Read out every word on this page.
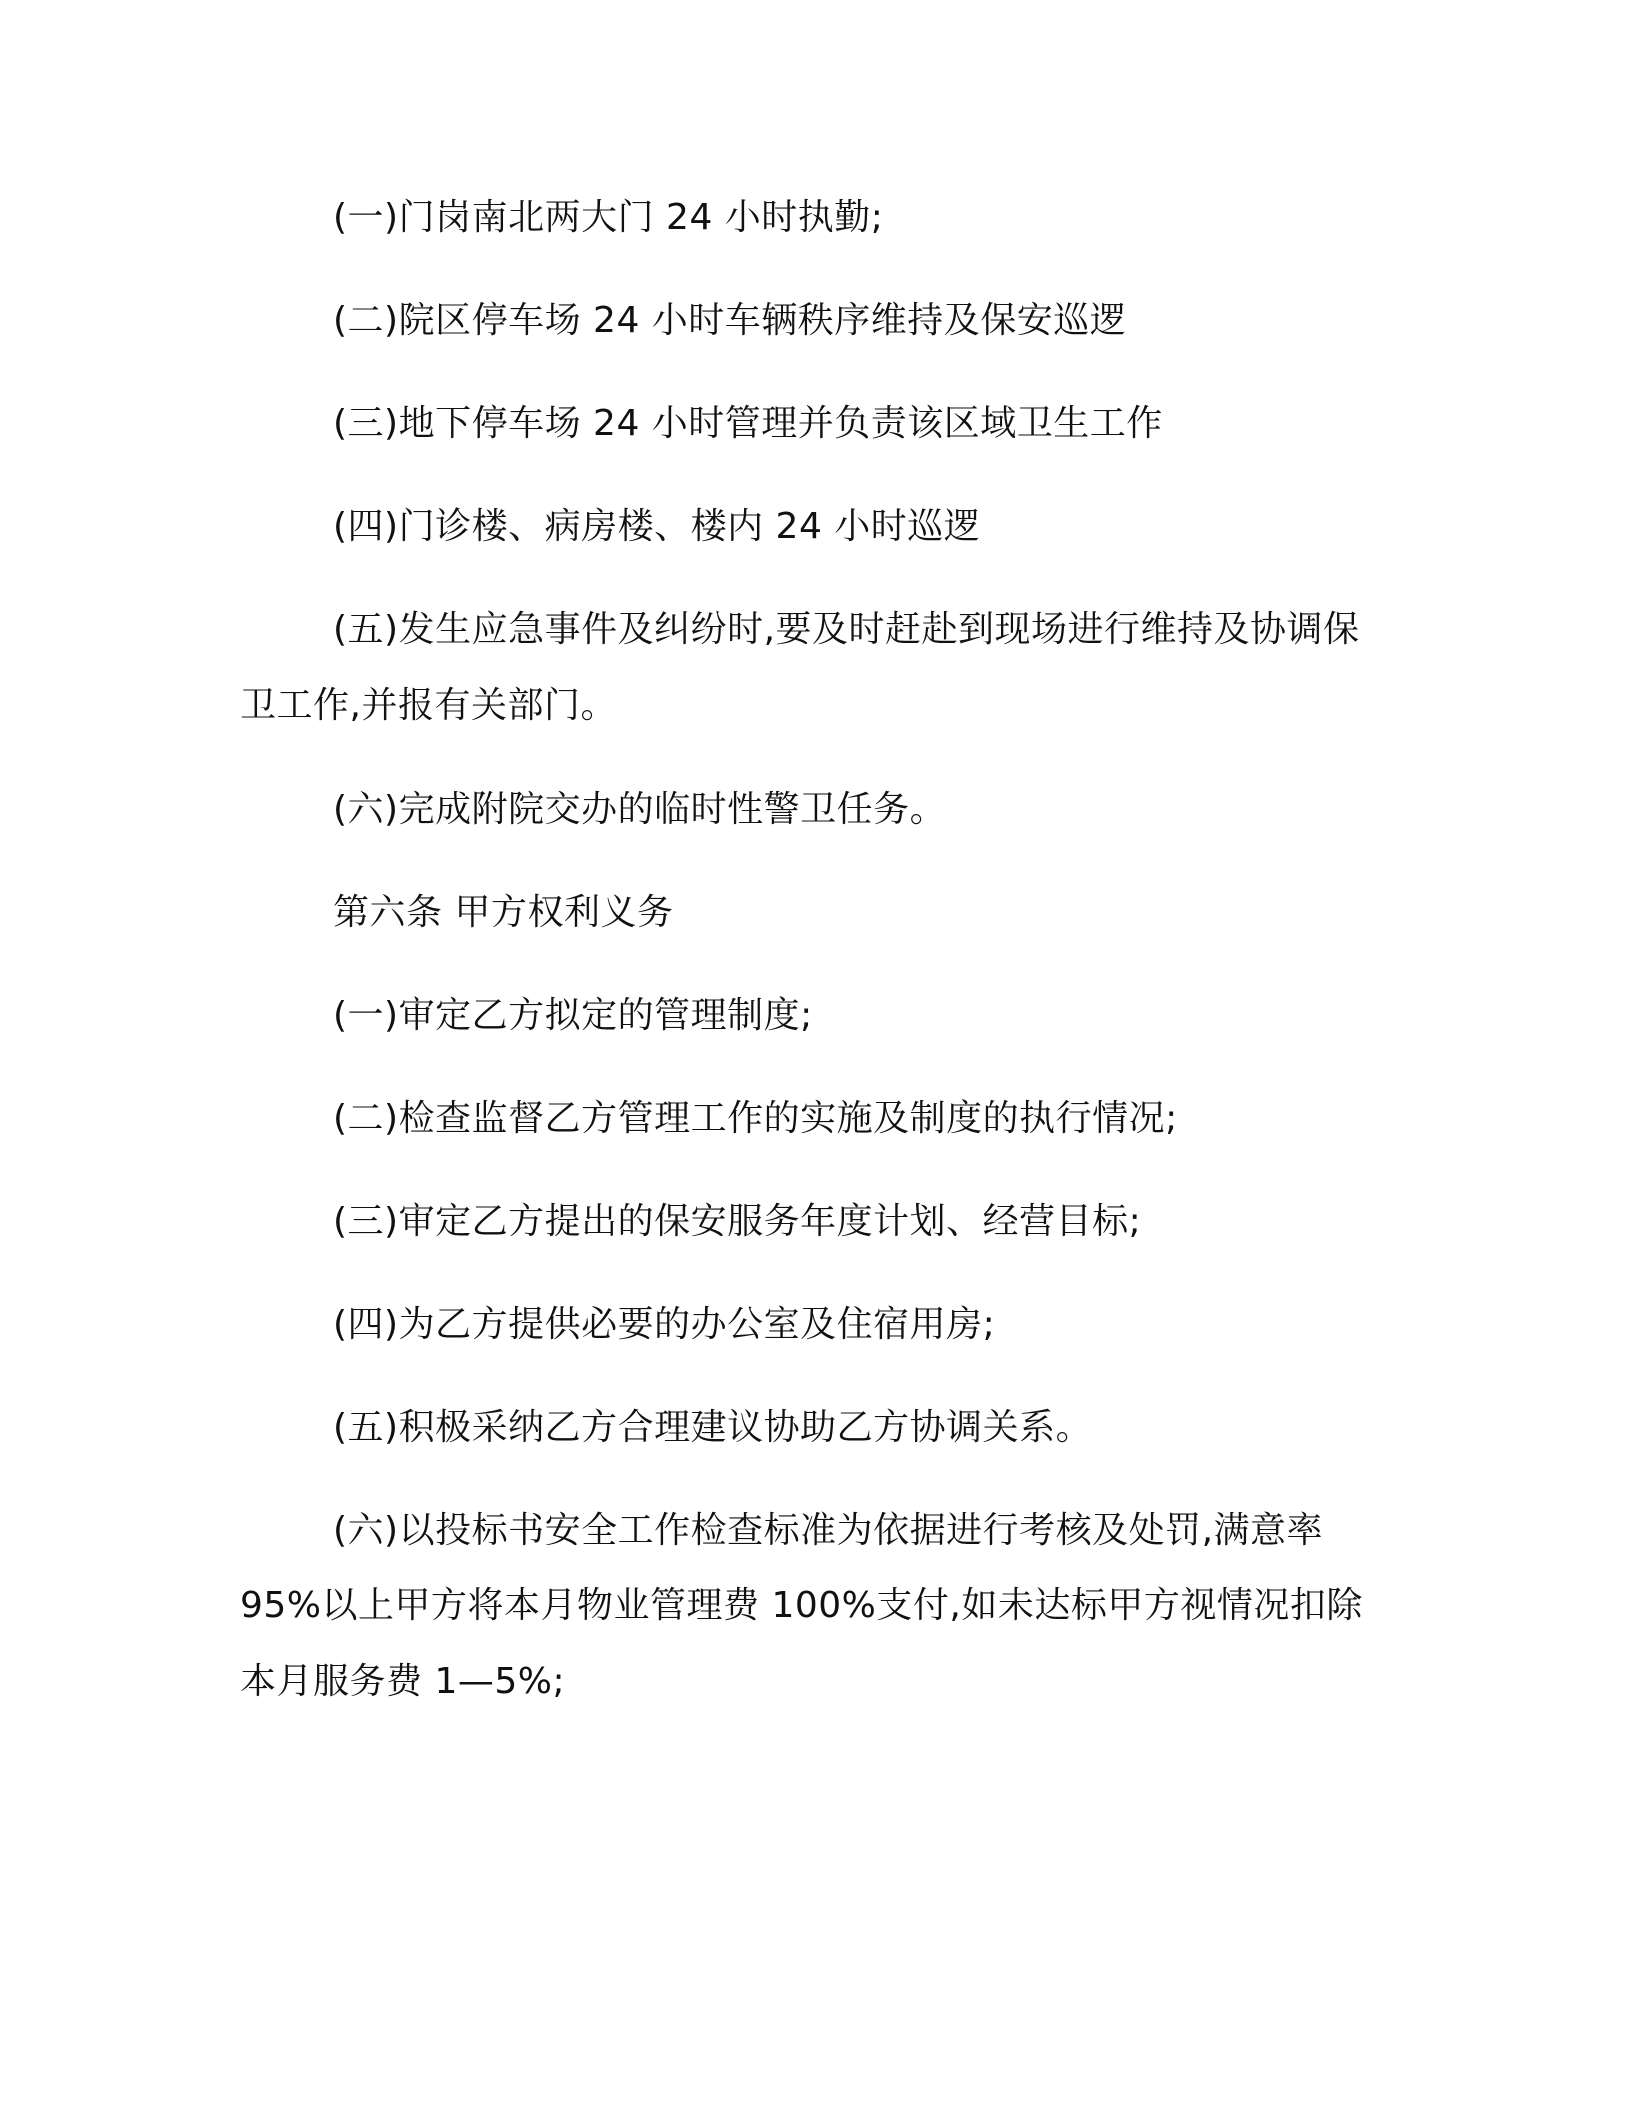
(一)门岗南北两大门 24 小时执勤;
(二)院区停车场 24 小时车辆秩序维持及保安巡逻
(三)地下停车场 24 小时管理并负责该区域卫生工作
(四)门诊楼、病房楼、楼内 24 小时巡逻
(五)发生应急事件及纠纷时,要及时赶赴到现场进行维持及协调保
卫工作,并报有关部门。
(六)完成附院交办的临时性警卫任务。
第六条 甲方权利义务
(一)审定乙方拟定的管理制度;
(二)检查监督乙方管理工作的实施及制度的执行情况;
(三)审定乙方提出的保安服务年度计划、经营目标;
(四)为乙方提供必要的办公室及住宿用房;
(五)积极采纳乙方合理建议协助乙方协调关系。
(六)以投标书安全工作检查标准为依据进行考核及处罚,满意率
95%以上甲方将本月物业管理费 100%支付,如未达标甲方视情况扣除
本月服务费 1—5%;
